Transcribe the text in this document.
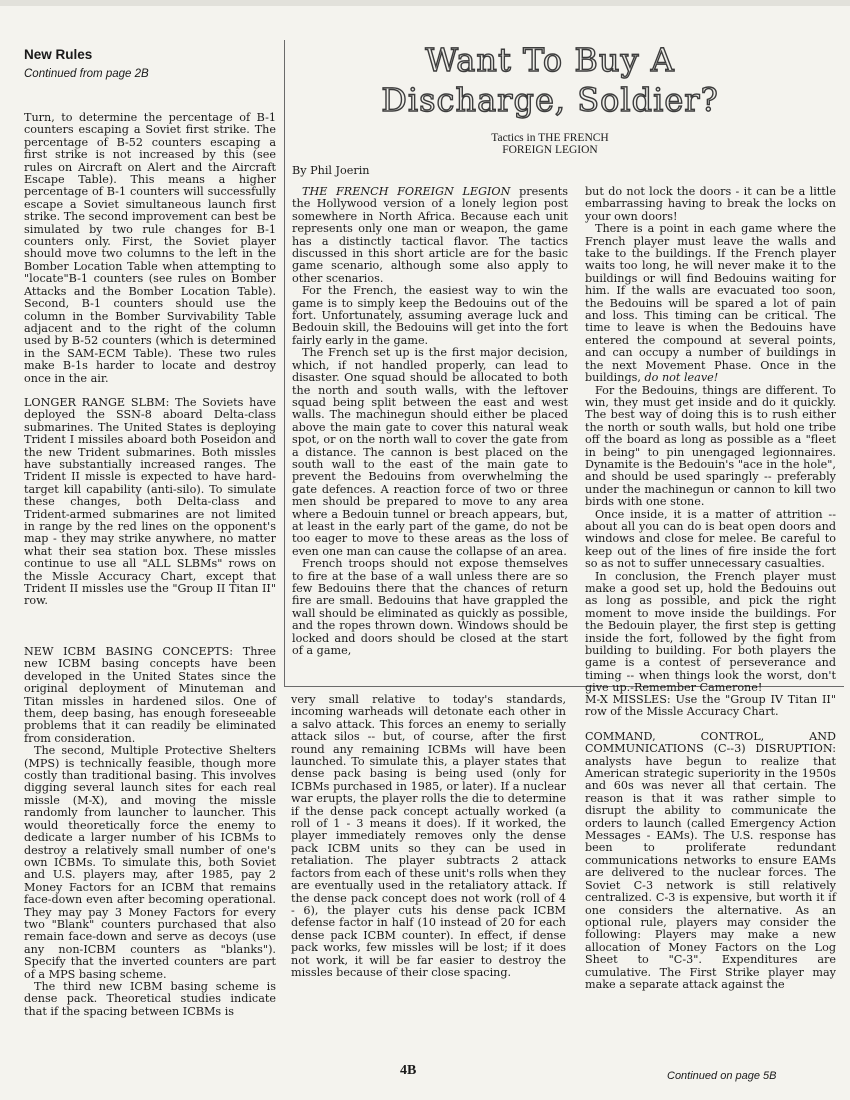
New Rules
Continued from page 2B

Turn, to determine the percentage of B-1 counters escaping a Soviet first strike. The percentage of B-52 counters escaping a first strike is not increased by this (see rules on Aircraft on Alert and the Aircraft Escape Table). This means a higher percentage of B-1 counters will successfully escape a Soviet simultaneous launch first strike. The second improvement can best be simulated by two rule changes for B-1 counters only. First, the Soviet player should move two columns to the left in the Bomber Location Table when attempting to "locate"B-1 counters (see rules on Bomber Attacks and the Bomber Location Table). Second, B-1 counters should use the column in the Bomber Survivability Table adjacent and to the right of the column used by B-52 counters (which is determined in the SAM-ECM Table). These two rules make B-1s harder to locate and destroy once in the air.

LONGER RANGE SLBM: The Soviets have deployed the SSN-8 aboard Delta-class submarines. The United States is deploying Trident I missiles aboard both Poseidon and the new Trident submarines. Both missles have substantially increased ranges. The Trident II missle is expected to have hard-target kill capability (anti-silo). To simulate these changes, both Delta-class and Trident-armed submarines are not limited in range by the red lines on the opponent's map - they may strike anywhere, no matter what their sea station box. These missles continue to use all "ALL SLBMs" rows on the Missle Accuracy Chart, except that Trident II missles use the "Group II Titan II" row.

NEW ICBM BASING CONCEPTS: Three new ICBM basing concepts have been developed in the United States since the original deployment of Minuteman and Titan missles in hardened silos. One of them, deep basing, has enough foreseeable problems that it can readily be eliminated from consideration.

The second, Multiple Protective Shelters (MPS) is technically feasible, though more costly than traditional basing. This involves digging several launch sites for each real missle (M-X), and moving the missle randomly from launcher to launcher. This would theoretically force the enemy to dedicate a larger number of his ICBMs to destroy a relatively small number of one's own ICBMs. To simulate this, both Soviet and U.S. players may, after 1985, pay 2 Money Factors for an ICBM that remains face-down even after becoming operational. They may pay 3 Money Factors for every two "Blank" counters purchased that also remain face-down and serve as decoys (use any non-ICBM counters as "blanks"). Specify that the inverted counters are part of a MPS basing scheme.

The third new ICBM basing scheme is dense pack. Theoretical studies indicate that if the spacing between ICBMs is

Want To Buy A Discharge, Soldier?
Tactics in THE FRENCH
FOREIGN LEGION
By Phil Joerin

THE FRENCH FOREIGN LEGION presents the Hollywood version of a lonely legion post somewhere in North Africa. Because each unit represents only one man or weapon, the game has a distinctly tactical flavor. The tactics discussed in this short article are for the basic game scenario, although some also apply to other scenarios.

For the French, the easiest way to win the game is to simply keep the Bedouins out of the fort. Unfortunately, assuming average luck and Bedouin skill, the Bedouins will get into the fort fairly early in the game.

The French set up is the first major decision, which, if not handled properly, can lead to disaster. One squad should be allocated to both the north and south walls, with the leftover squad being split between the east and west walls. The machinegun should either be placed above the main gate to cover this natural weak spot, or on the north wall to cover the gate from a distance. The cannon is best placed on the south wall to the east of the main gate to prevent the Bedouins from overwhelming the gate defences. A reaction force of two or three men should be prepared to move to any area where a Bedouin tunnel or breach appears, but, at least in the early part of the game, do not be too eager to move to these areas as the loss of even one man can cause the collapse of an area.

French troops should not expose themselves to fire at the base of a wall unless there are so few Bedouins there that the chances of return fire are small. Bedouins that have grappled the wall should be eliminated as quickly as possible, and the ropes thrown down. Windows should be locked and doors should be closed at the start of a game,

but do not lock the doors - it can be a little embarrassing having to break the locks on your own doors!

There is a point in each game where the French player must leave the walls and take to the buildings. If the French player waits too long, he will never make it to the buildings or will find Bedouins waiting for him. If the walls are evacuated too soon, the Bedouins will be spared a lot of pain and loss. This timing can be critical. The time to leave is when the Bedouins have entered the compound at several points, and can occupy a number of buildings in the next Movement Phase. Once in the buildings, do not leave!

For the Bedouins, things are different. To win, they must get inside and do it quickly. The best way of doing this is to rush either the north or south walls, but hold one tribe off the board as long as possible as a "fleet in being" to pin unengaged legionnaires. Dynamite is the Bedouin's "ace in the hole", and should be used sparingly -- preferably under the machinegun or cannon to kill two birds with one stone.

Once inside, it is a matter of attrition -- about all you can do is beat open doors and windows and close for melee. Be careful to keep out of the lines of fire inside the fort so as not to suffer unnecessary casualties.

In conclusion, the French player must make a good set up, hold the Bedouins out as long as possible, and pick the right moment to move inside the buildings. For the Bedouin player, the first step is getting inside the fort, followed by the fight from building to building. For both players the game is a contest of perseverance and timing -- when things look the worst, don't give up.-Remember Camerone!

very small relative to today's standards, incoming warheads will detonate each other in a salvo attack. This forces an enemy to serially attack silos -- but, of course, after the first round any remaining ICBMs will have been launched. To simulate this, a player states that dense pack basing is being used (only for ICBMs purchased in 1985, or later). If a nuclear war erupts, the player rolls the die to determine if the dense pack concept actually worked (a roll of 1 - 3 means it does). If it worked, the player immediately removes only the dense pack ICBM units so they can be used in retaliation. The player subtracts 2 attack factors from each of these unit's rolls when they are eventually used in the retaliatory attack. If the dense pack concept does not work (roll of 4 - 6), the player cuts his dense pack ICBM defense factor in half (10 instead of 20 for each dense pack ICBM counter). In effect, if dense pack works, few missles will be lost; if it does not work, it will be far easier to destroy the missles because of their close spacing.

M-X MISSLES: Use the "Group IV Titan II" row of the Missle Accuracy Chart.

COMMAND, CONTROL, AND COMMUNICATIONS (C--3) DISRUPTION: analysts have begun to realize that American strategic superiority in the 1950s and 60s was never all that certain. The reason is that it was rather simple to disrupt the ability to communicate the orders to launch (called Emergency Action Messages - EAMs). The U.S. response has been to proliferate redundant communications networks to ensure EAMs are delivered to the nuclear forces. The Soviet C-3 network is still relatively centralized. C-3 is expensive, but worth it if one considers the alternative. As an optional rule, players may consider the following: Players may make a new allocation of Money Factors on the Log Sheet to "C-3". Expenditures are cumulative. The First Strike player may make a separate attack against the

Continued on page 5B
4B
